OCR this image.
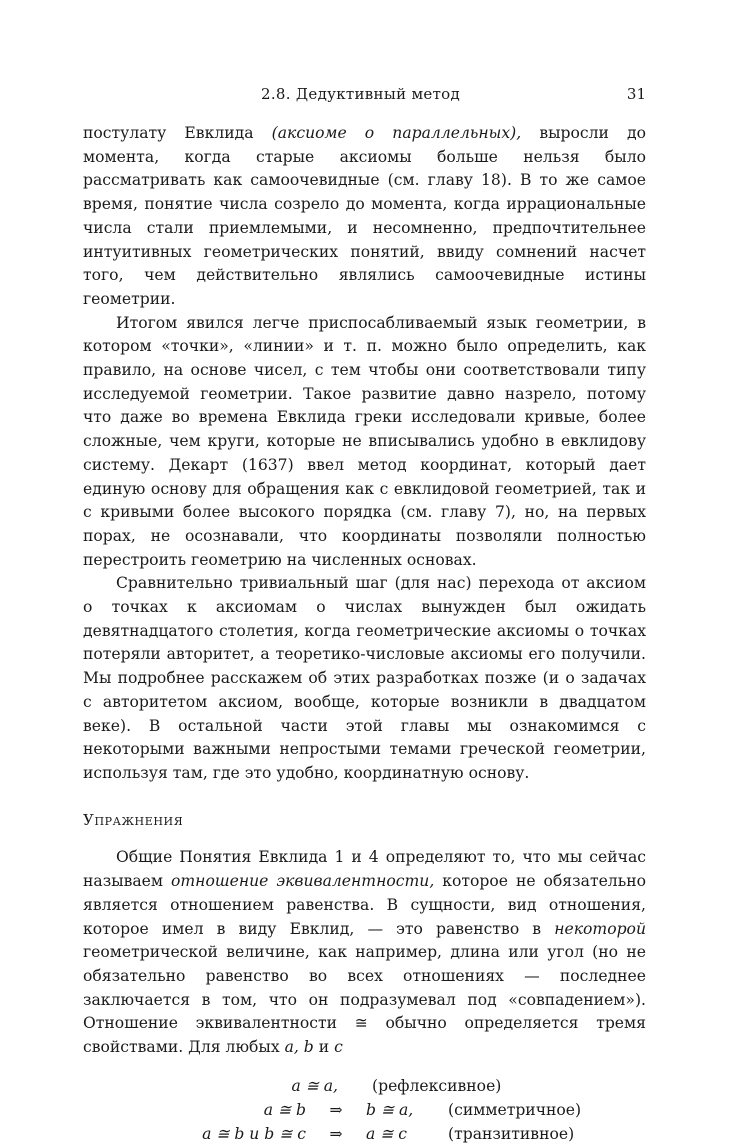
2.8. Дедуктивный метод	31

постулату Евклида (аксиоме о параллельных), выросли до момента, когда старые аксиомы больше нельзя было рассматривать как самоочевидные (см. главу 18). В то же самое время, понятие числа созрело до момента, когда иррациональные числа стали приемлемыми, и несомненно, предпочтительнее интуитивных геометрических понятий, ввиду сомнений насчет того, чем действительно являлись самоочевидные истины геометрии.

Итогом явился легче приспосабливаемый язык геометрии, в котором «точки», «линии» и т. п. можно было определить, как правило, на основе чисел, с тем чтобы они соответствовали типу исследуемой геометрии. Такое развитие давно назрело, потому что даже во времена Евклида греки исследовали кривые, более сложные, чем круги, которые не вписывались удобно в евклидову систему. Декарт (1637) ввел метод координат, который дает единую основу для обращения как с евклидовой геометрией, так и с кривыми более высокого порядка (см. главу 7), но, на первых порах, не осознавали, что координаты позволяли полностью перестроить геометрию на численных основах.

Сравнительно тривиальный шаг (для нас) перехода от аксиом о точках к аксиомам о числах вынужден был ожидать девятнадцатого столетия, когда геометрические аксиомы о точках потеряли авторитет, а теоретико-числовые аксиомы его получили. Мы подробнее расскажем об этих разработках позже (и о задачах с авторитетом аксиом, вообще, которые возникли в двадцатом веке). В остальной части этой главы мы ознакомимся с некоторыми важными непростыми темами греческой геометрии, используя там, где это удобно, координатную основу.

Упражнения

Общие Понятия Евклида 1 и 4 определяют то, что мы сейчас называем отношение эквивалентности, которое не обязательно является отношением равенства. В сущности, вид отношения, которое имел в виду Евклид, — это равенство в некоторой геометрической величине, как например, длина или угол (но не обязательно равенство во всех отношениях — последнее заключается в том, что он подразумевал под «совпадением»). Отношение эквивалентности ≅ обычно определяется тремя свойствами. Для любых a, b и c

a ≅ a,	(рефлексивное)
a ≅ b	⇒	b ≅ a,	(симметричное)
a ≅ b и b ≅ c	⇒	a ≅ c	(транзитивное)
